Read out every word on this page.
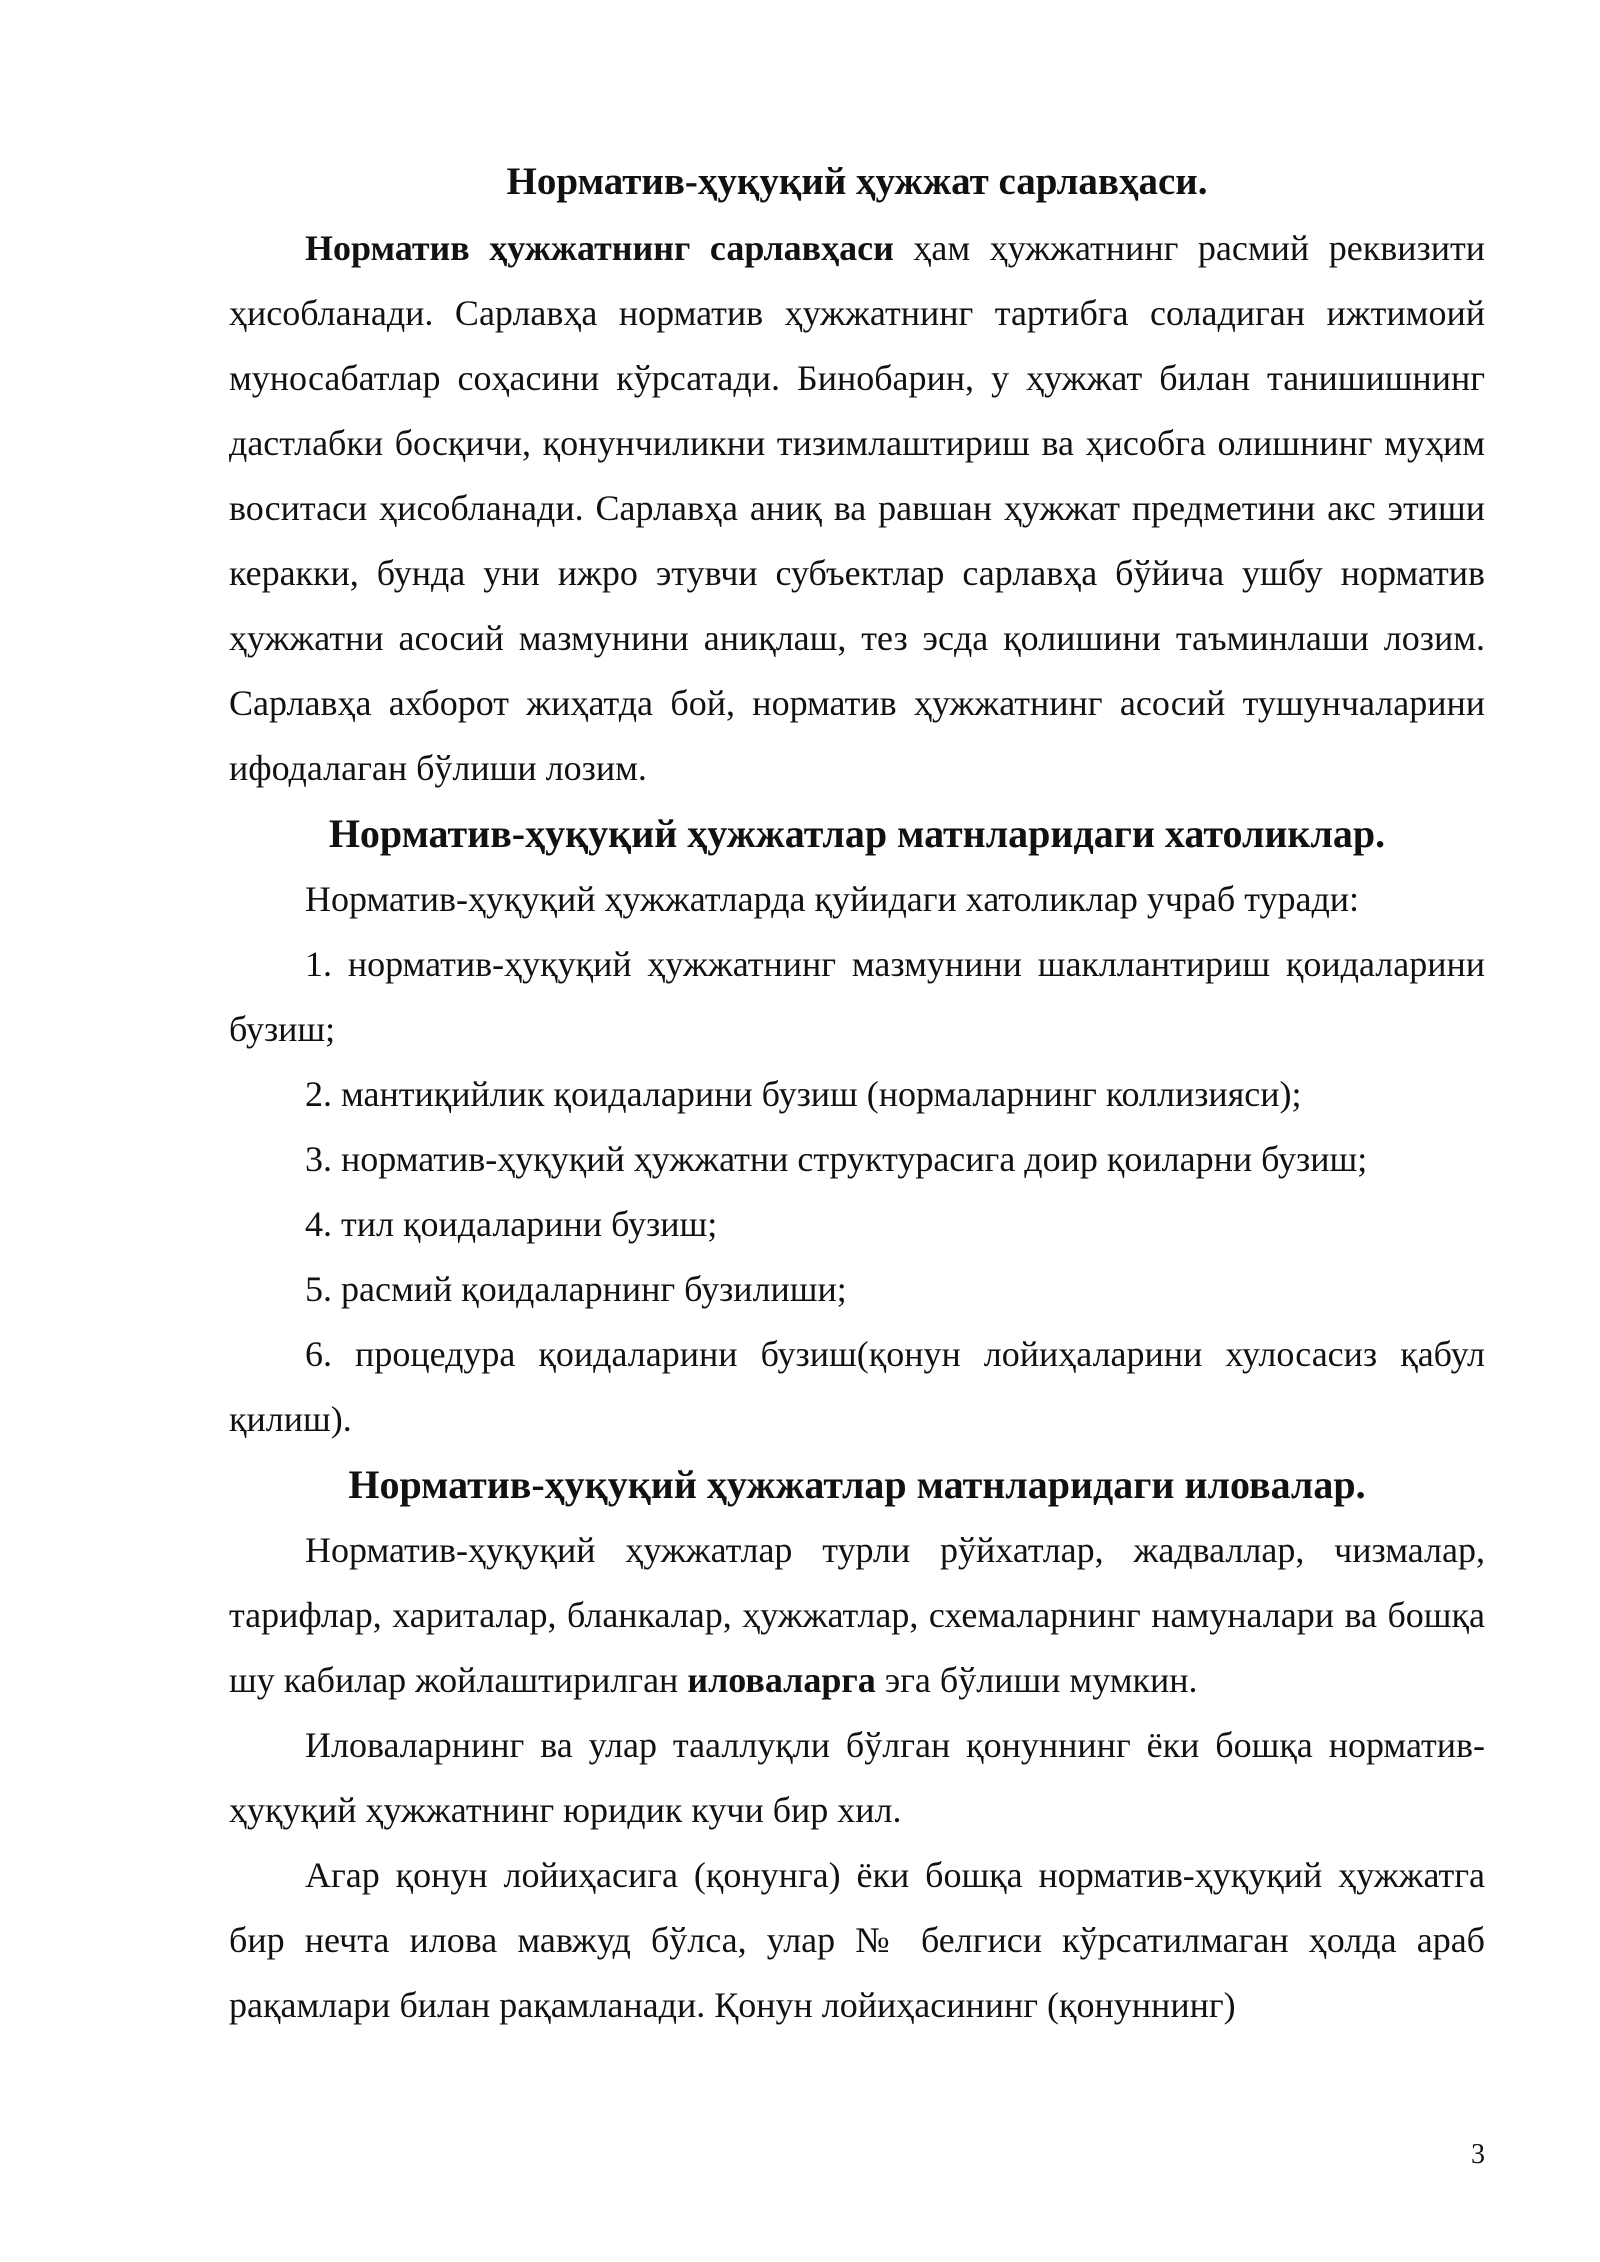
Норматив-ҳуқуқий ҳужжат сарлавҳаси.

Норматив ҳужжатнинг сарлавҳаси ҳам ҳужжатнинг расмий реквизити ҳисобланади. Сарлавҳа норматив ҳужжатнинг тартибга соладиган ижтимоий муносабатлар соҳасини кўрсатади. Бинобарин, у ҳужжат билан танишишнинг дастлабки босқичи, қонунчиликни тизимлаштириш ва ҳисобга олишнинг муҳим воситаси ҳисобланади. Сарлавҳа аниқ ва равшан ҳужжат предметини акс этиши керакки, бунда уни ижро этувчи субъектлар сарлавҳа бўйича ушбу норматив ҳужжатни асосий мазмунини аниқлаш, тез эсда қолишини таъминлаши лозим. Сарлавҳа ахборот жиҳатда бой, норматив ҳужжатнинг асосий тушунчаларини ифодалаган бўлиши лозим.

Норматив-ҳуқуқий ҳужжатлар матнларидаги хатоликлар.

Норматив-ҳуқуқий ҳужжатларда қуйидаги хатоликлар учраб туради:

1. норматив-ҳуқуқий ҳужжатнинг мазмунини шакллантириш қоидаларини бузиш;

2. мантиқийлик қоидаларини бузиш (нормаларнинг коллизияси);

3. норматив-ҳуқуқий ҳужжатни структурасига доир қоиларни бузиш;

4. тил қоидаларини бузиш;

5. расмий қоидаларнинг бузилиши;

6. процедура қоидаларини бузиш(қонун лойиҳаларини хулосасиз қабул қилиш).

Норматив-ҳуқуқий ҳужжатлар матнларидаги иловалар.

Норматив-ҳуқуқий ҳужжатлар турли рўйхатлар, жадваллар, чизмалар, тарифлар, хариталар, бланкалар, ҳужжатлар, схемаларнинг намуналари ва бошқа шу кабилар жойлаштирилган иловаларга эга бўлиши мумкин.

Иловаларнинг ва улар тааллуқли бўлган қонуннинг ёки бошқа норматив-ҳуқуқий ҳужжатнинг юридик кучи бир хил.

Агар қонун лойиҳасига (қонунга) ёки бошқа норматив-ҳуқуқий ҳужжатга бир нечта илова мавжуд бўлса, улар № белгиси кўрсатилмаган ҳолда араб рақамлари билан рақамланади. Қонун лойиҳасининг (қонуннинг)

3
